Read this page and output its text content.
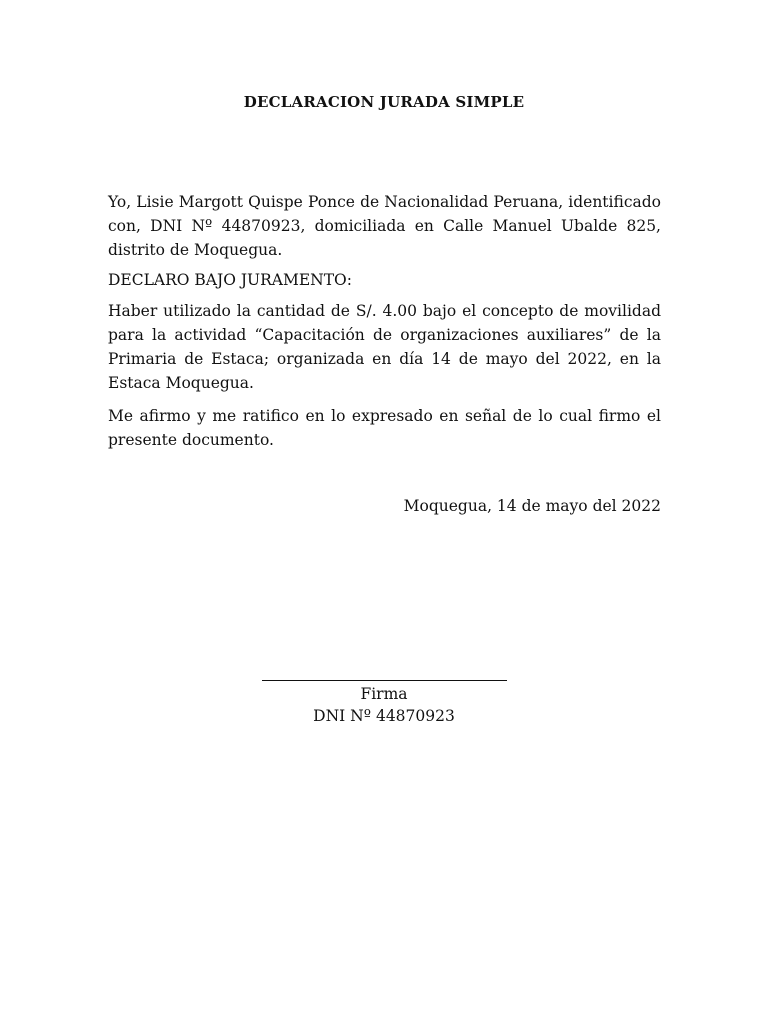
DECLARACION JURADA SIMPLE

Yo, Lisie Margott Quispe Ponce de Nacionalidad Peruana, identificado con, DNI Nº 44870923, domiciliada en Calle Manuel Ubalde 825, distrito de Moquegua.

DECLARO BAJO JURAMENTO:

Haber utilizado la cantidad de S/. 4.00 bajo el concepto de movilidad para la actividad “Capacitación de organizaciones auxiliares” de la Primaria de Estaca; organizada en día 14 de mayo del 2022, en la Estaca Moquegua.

Me afirmo y me ratifico en lo expresado en señal de lo cual firmo el presente documento.

Moquegua, 14 de mayo del 2022
Firma
DNI Nº 44870923
